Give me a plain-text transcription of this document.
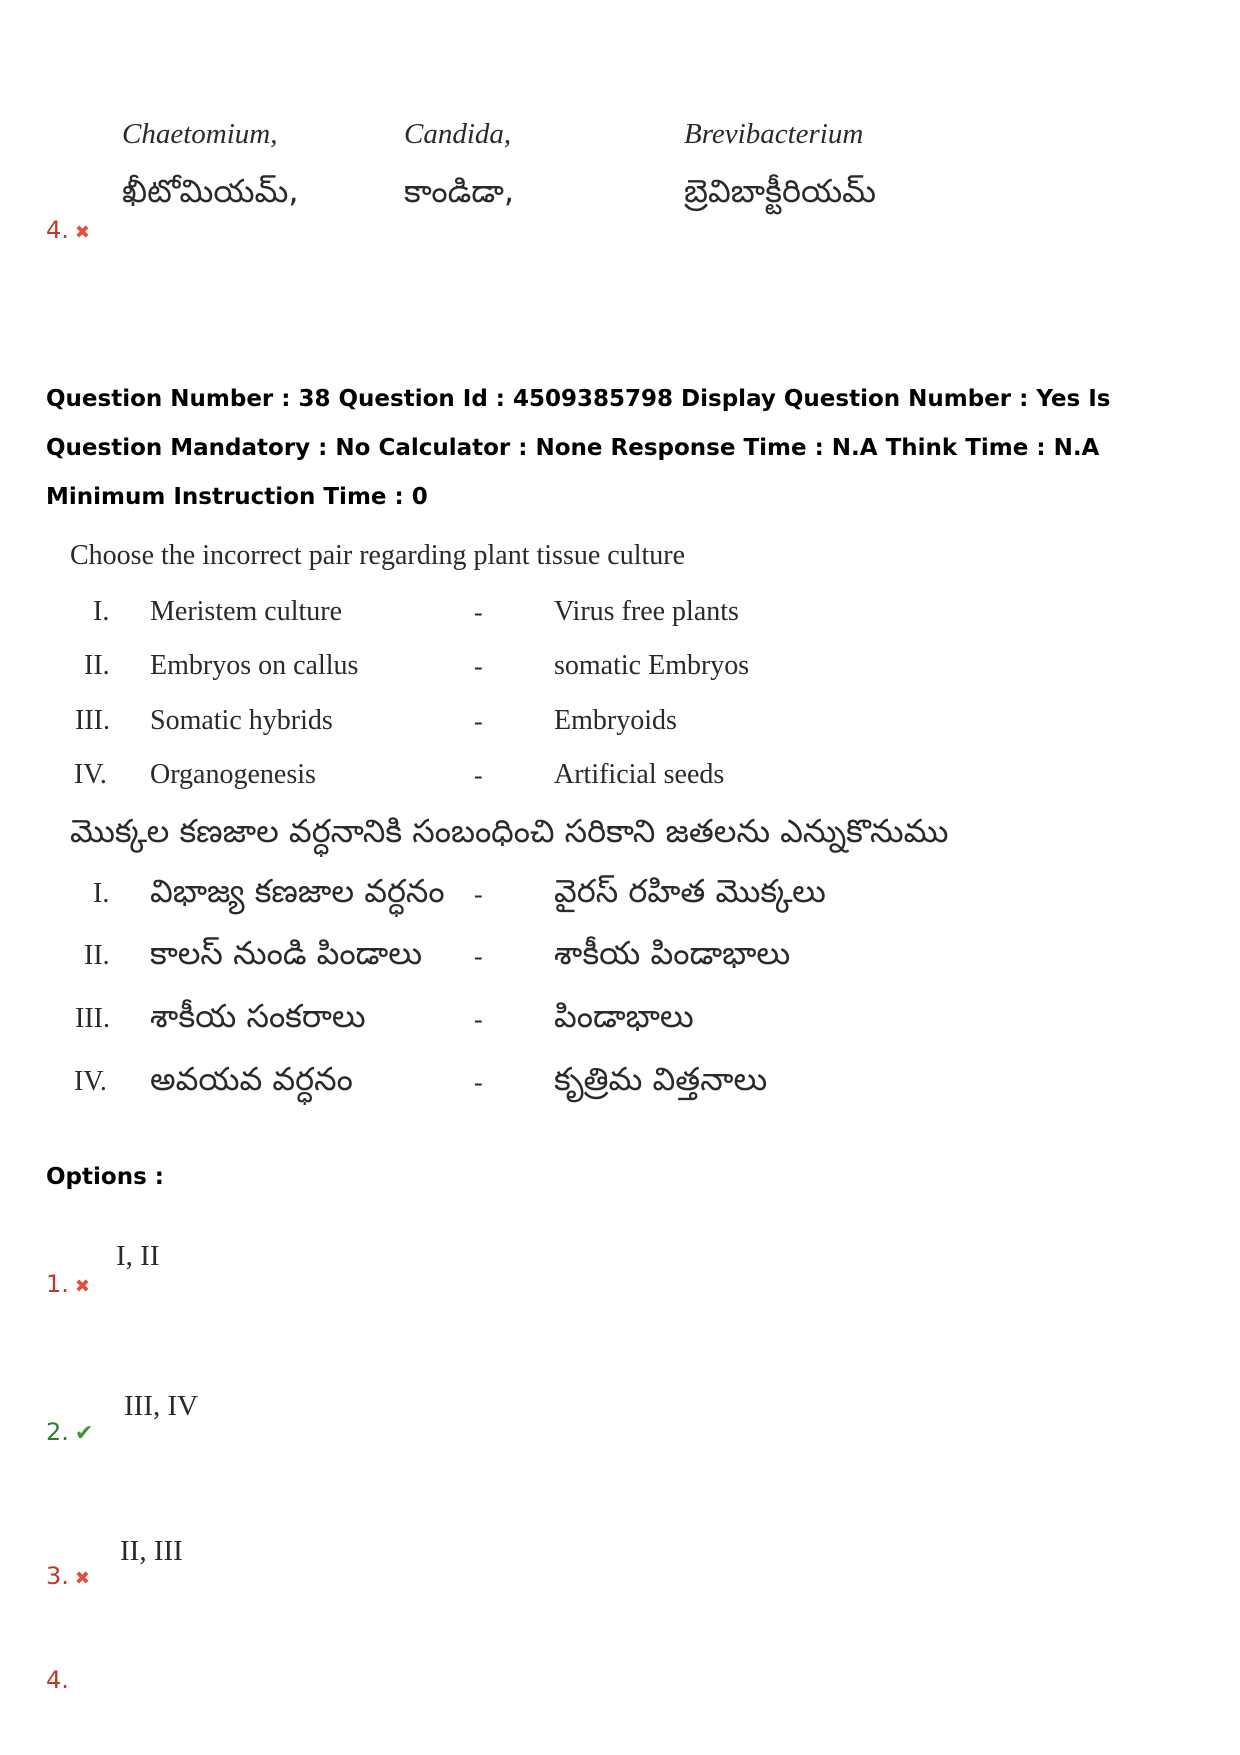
Chaetomium,	Candida,	Brevibacterium
ఖీటోమియమ్,	కాండిడా,	బ్రెవిబాక్టీరియమ్
4. ✖
Question Number : 38 Question Id : 4509385798 Display Question Number : Yes Is Question Mandatory : No Calculator : None Response Time : N.A Think Time : N.A Minimum Instruction Time : 0
Choose the incorrect pair regarding plant tissue culture
I. Meristem culture	-	Virus free plants
II. Embryos on callus	-	somatic Embryos
III. Somatic hybrids	-	Embryoids
IV. Organogenesis	-	Artificial seeds
మొక్కల కణజాల వర్ధనానికి సంబంధించి సరికాని జతలను ఎన్నుకొనుము
I. విభాజ్య కణజాల వర్ధనం - వైరస్ రహిత మొక్కలు
II. కాలస్ నుండి పిండాలు - శాకీయ పిండాభాలు
III. శాకీయ సంకరాలు	- పిండాభాలు
IV. అవయవ వర్ధనం	- కృత్రిమ విత్తనాలు
Options :
I, II
1. ✖
III, IV
2. ✔
II, III
3. ✖
4.
